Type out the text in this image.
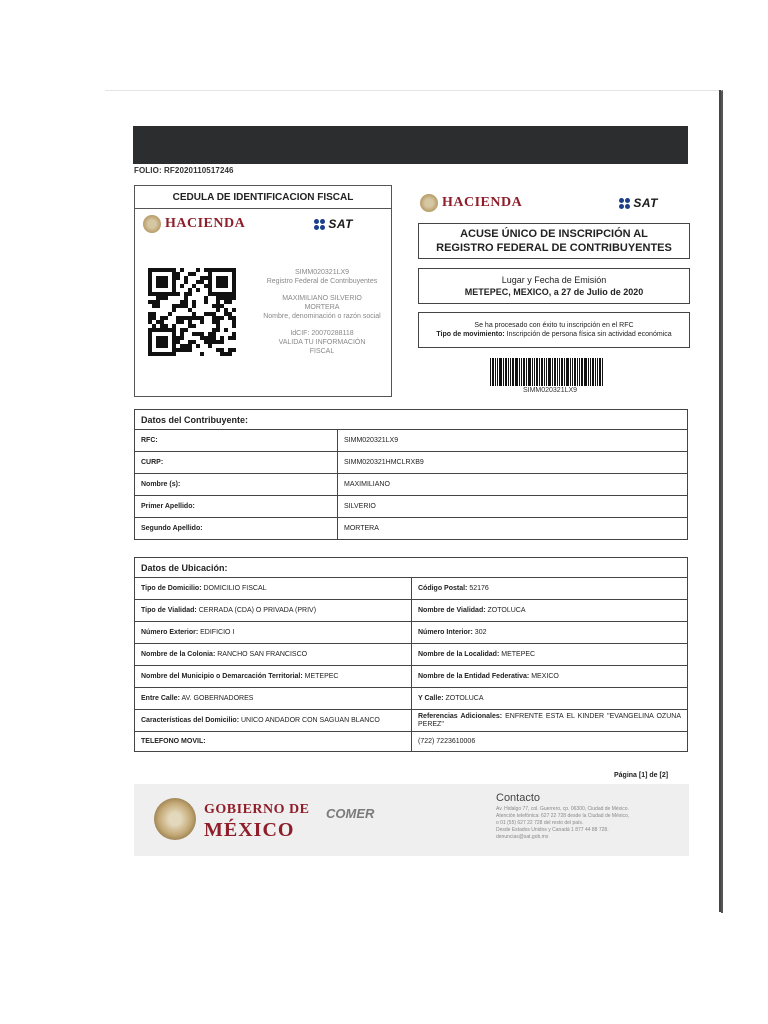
FOLIO: RF2020110517246
CEDULA DE IDENTIFICACION FISCAL
HACIENDA	SAT
SIMM020321LX9
Registro Federal de Contribuyentes
MAXIMILIANO SILVERIO
MORTERA
Nombre, denominación o razón social
IdCIF: 20070288118
VALIDA TU INFORMACIÓN
FISCAL
HACIENDA	SAT
ACUSE ÚNICO DE INSCRIPCIÓN AL
REGISTRO FEDERAL DE CONTRIBUYENTES
Lugar y Fecha de Emisión
METEPEC, MEXICO, a 27 de Julio de 2020
Se ha procesado con éxito tu inscripción en el RFC
Tipo de movimiento: Inscripción de persona física sin actividad económica
SIMM020321LX9
Datos del Contribuyente:	
RFC:	SIMM020321LX9
CURP:	SIMM020321HMCLRXB9
Nombre (s):	MAXIMILIANO
Primer Apellido:	SILVERIO
Segundo Apellido:	MORTERA
Datos de Ubicación:	
Tipo de Domicilio: DOMICILIO FISCAL	Código Postal: 52176
Tipo de Vialidad: CERRADA (CDA) O PRIVADA (PRIV)	Nombre de Vialidad: ZOTOLUCA
Número Exterior: EDIFICIO I	Número Interior: 302
Nombre de la Colonia: RANCHO SAN FRANCISCO	Nombre de la Localidad: METEPEC
Nombre del Municipio o Demarcación Territorial: METEPEC	Nombre de la Entidad Federativa: MEXICO
Entre Calle: AV. GOBERNADORES	Y Calle: ZOTOLUCA
Características del Domicilio: UNICO ANDADOR CON SAGUAN BLANCO	Referencias Adicionales: ENFRENTE ESTA EL KINDER "EVANGELINA OZUNA PEREZ"
TELEFONO MOVIL:	(722) 7223610006
Página [1] de [2]
GOBIERNO DE
MÉXICO
COMER
Contacto
Av. Hidalgo 77, col. Guerrero, cp. 06300, Ciudad de México.
Atención telefónica: 627 22 728 desde la Ciudad de México,
o 01 (55) 627 22 728 del resto del país.
Desde Estados Unidos y Canadá 1 877 44 88 728.
denuncias@sat.gob.mx
